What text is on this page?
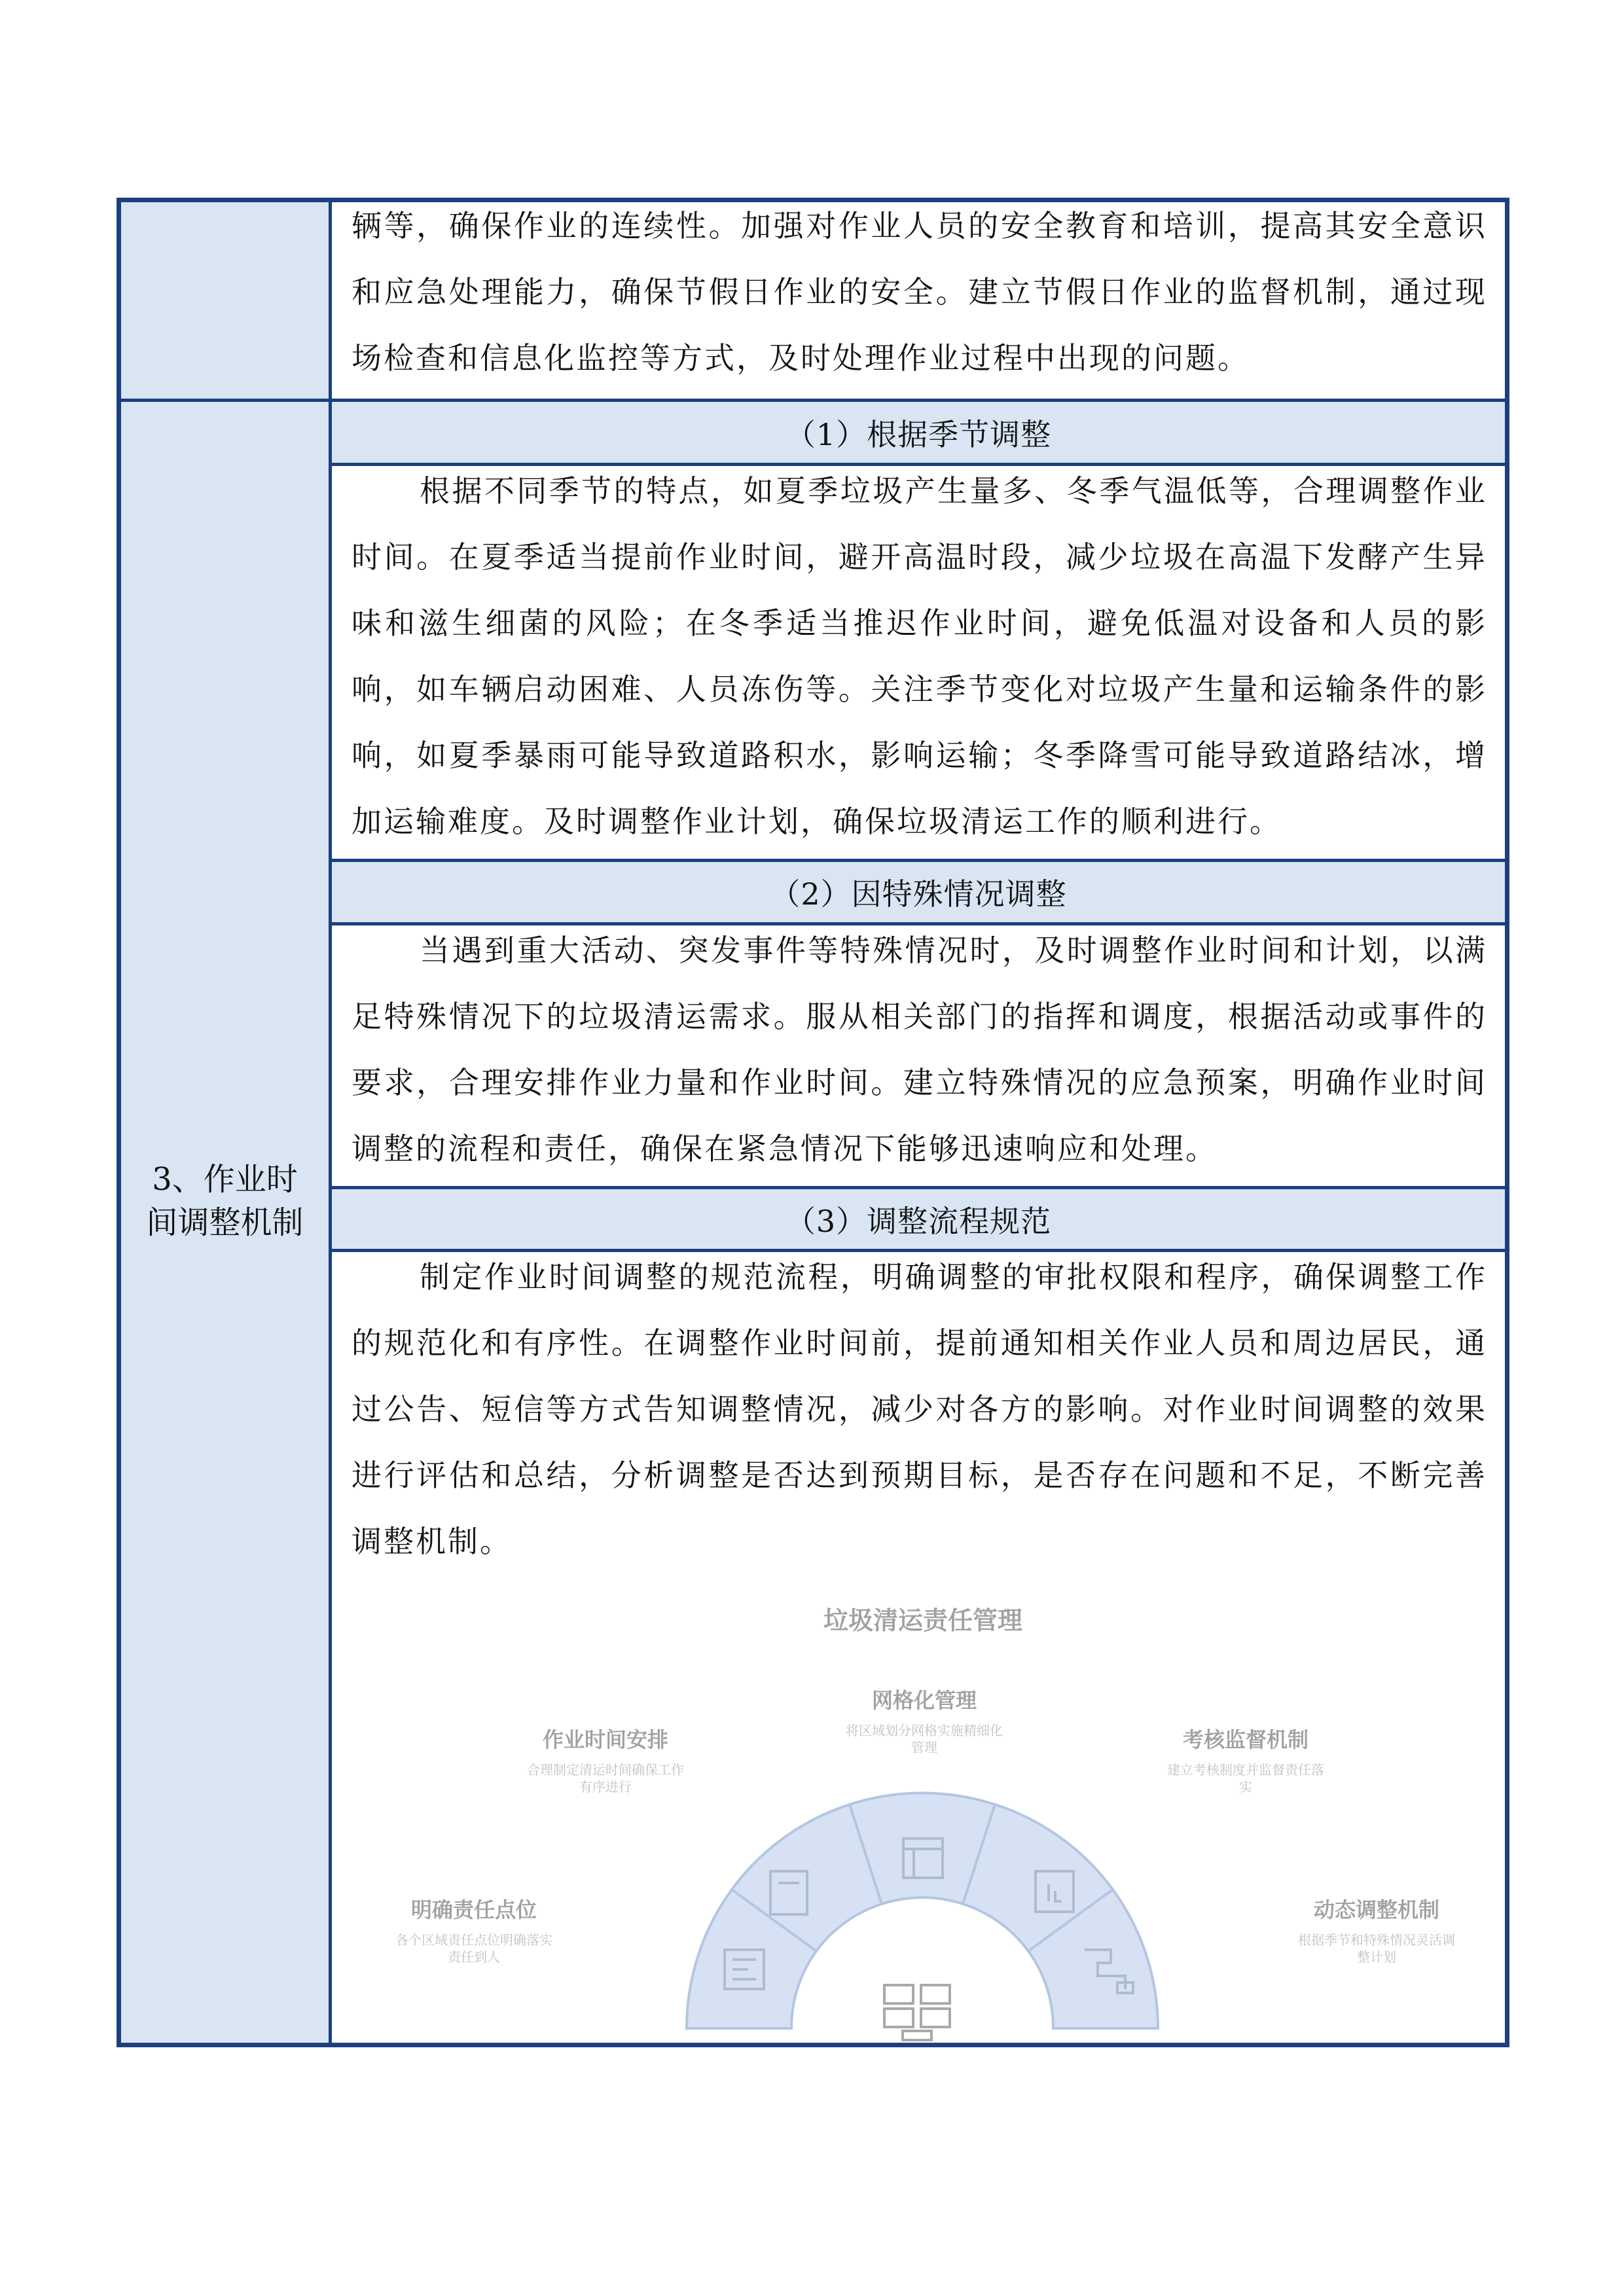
辆等，确保作业的连续性。加强对作业人员的安全教育和培训，提高其安全意识和应急处理能力，确保节假日作业的安全。建立节假日作业的监督机制，通过现场检查和信息化监控等方式，及时处理作业过程中出现的问题。

（1）根据季节调整

根据不同季节的特点，如夏季垃圾产生量多、冬季气温低等，合理调整作业时间。在夏季适当提前作业时间，避开高温时段，减少垃圾在高温下发酵产生异味和滋生细菌的风险；在冬季适当推迟作业时间，避免低温对设备和人员的影响，如车辆启动困难、人员冻伤等。关注季节变化对垃圾产生量和运输条件的影响，如夏季暴雨可能导致道路积水，影响运输；冬季降雪可能导致道路结冰，增加运输难度。及时调整作业计划，确保垃圾清运工作的顺利进行。

（2）因特殊情况调整

当遇到重大活动、突发事件等特殊情况时，及时调整作业时间和计划，以满足特殊情况下的垃圾清运需求。服从相关部门的指挥和调度，根据活动或事件的要求，合理安排作业力量和作业时间。建立特殊情况的应急预案，明确作业时间调整的流程和责任，确保在紧急情况下能够迅速响应和处理。

（3）调整流程规范

制定作业时间调整的规范流程，明确调整的审批权限和程序，确保调整工作的规范化和有序性。在调整作业时间前，提前通知相关作业人员和周边居民，通过公告、短信等方式告知调整情况，减少对各方的影响。对作业时间调整的效果进行评估和总结，分析调整是否达到预期目标，是否存在问题和不足，不断完善调整机制。

3、作业时间调整机制
垃圾清运责任管理
网格化管理
将区域划分网格实施精细化
管理
作业时间安排
合理制定清运时间确保工作
有序进行
考核监督机制
建立考核制度并监督责任落
实
明确责任点位
各个区域责任点位明确落实
责任到人
动态调整机制
根据季节和特殊情况灵活调
整计划
